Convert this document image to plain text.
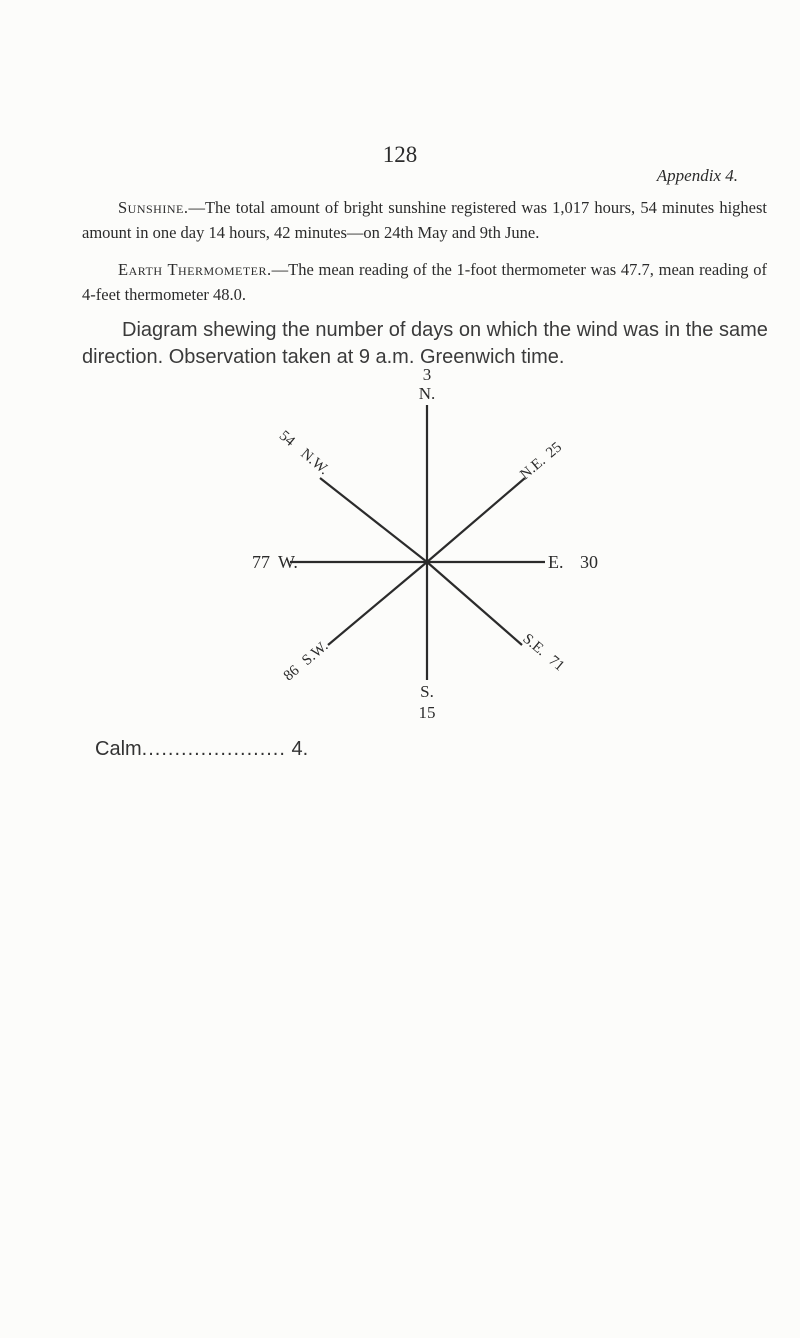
128
Appendix 4.

Sunshine.—The total amount of bright sunshine registered was 1,017 hours, 54 minutes highest amount in one day 14 hours, 42 minutes—on 24th May and 9th June.

Earth Thermometer.—The mean reading of the 1-foot thermometer was 47.7, mean reading of 4-feet thermometer 48.0.

Diagram shewing the number of days on which the wind was in the same direction. Observation taken at 9 a.m. Greenwich time.

3
N.
S.
15
77 W.	E. 30
54
N.W.	N.E.
25
S.E.
71
86
S.W.
Calm...................... 4.
